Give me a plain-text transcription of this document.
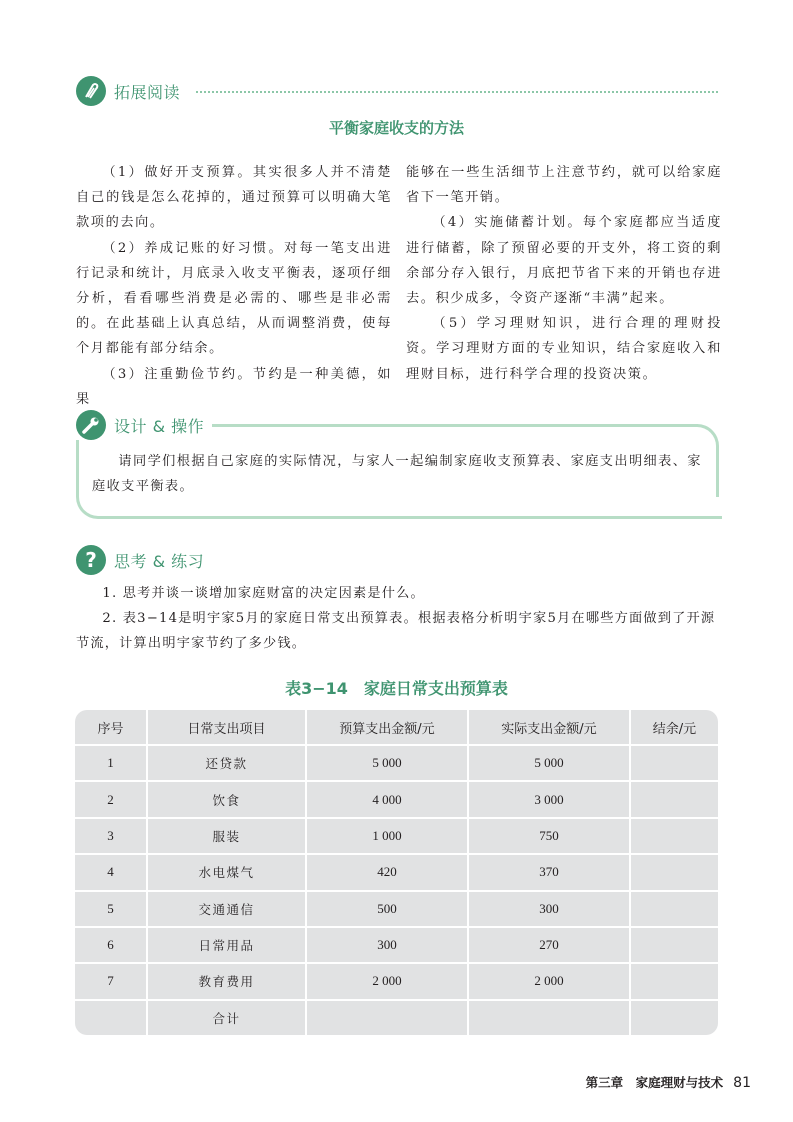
拓展阅读
平衡家庭收支的方法

（1）做好开支预算。其实很多人并不清楚自己的钱是怎么花掉的，通过预算可以明确大笔款项的去向。

（2）养成记账的好习惯。对每一笔支出进行记录和统计，月底录入收支平衡表，逐项仔细分析，看看哪些消费是必需的、哪些是非必需的。在此基础上认真总结，从而调整消费，使每个月都能有部分结余。

（3）注重勤俭节约。节约是一种美德，如果

能够在一些生活细节上注意节约，就可以给家庭省下一笔开销。

（4）实施储蓄计划。每个家庭都应当适度进行储蓄，除了预留必要的开支外，将工资的剩余部分存入银行，月底把节省下来的开销也存进去。积少成多，令资产逐渐“丰满”起来。

（5）学习理财知识，进行合理的理财投资。学习理财方面的专业知识，结合家庭收入和理财目标，进行科学合理的投资决策。

设计 & 操作

请同学们根据自己家庭的实际情况，与家人一起编制家庭收支预算表、家庭支出明细表、家庭收支平衡表。

? 思考 & 练习

1. 思考并谈一谈增加家庭财富的决定因素是什么。

2. 表3−14是明宇家5月的家庭日常支出预算表。根据表格分析明宇家5月在哪些方面做到了开源节流，计算出明宇家节约了多少钱。

表3−14　家庭日常支出预算表
序号	日常支出项目	预算支出金额/元	实际支出金额/元	结余/元
1	还贷款	5 000	5 000	
2	饮食	4 000	3 000	
3	服装	1 000	750	
4	水电煤气	420	370	
5	交通通信	500	300	
6	日常用品	300	270	
7	教育费用	2 000	2 000	
	合计			
第三章　家庭理财与技术 81
